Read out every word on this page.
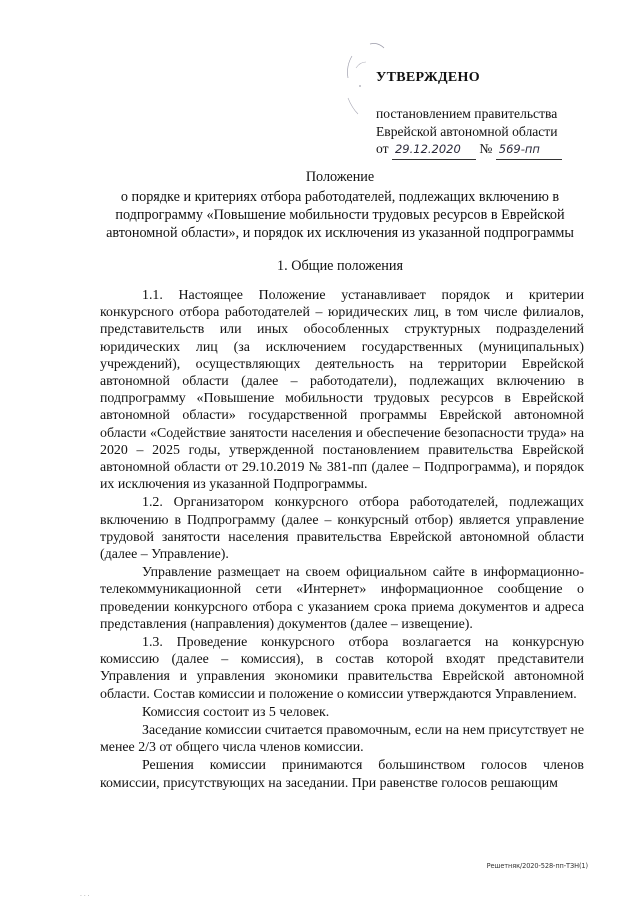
УТВЕРЖДЕНО
постановлением правительства
Еврейской автономной области
от 29.12.2020 № 569-пп
Положение
о порядке и критериях отбора работодателей, подлежащих включению в
подпрограмму «Повышение мобильности трудовых ресурсов в Еврейской
автономной области», и порядок их исключения из указанной подпрограммы
1. Общие положения

1.1. Настоящее Положение устанавливает порядок и критерии конкурсного отбора работодателей – юридических лиц, в том числе филиалов, представительств или иных обособленных структурных подразделений юридических лиц (за исключением государственных (муниципальных) учреждений), осуществляющих деятельность на территории Еврейской автономной области (далее – работодатели), подлежащих включению в подпрограмму «Повышение мобильности трудовых ресурсов в Еврейской автономной области» государственной программы Еврейской автономной области «Содействие занятости населения и обеспечение безопасности труда» на 2020 – 2025 годы, утвержденной постановлением правительства Еврейской автономной области от 29.10.2019 № 381-пп (далее – Подпрограмма), и порядок их исключения из указанной Подпрограммы.

1.2. Организатором конкурсного отбора работодателей, подлежащих включению в Подпрограмму (далее – конкурсный отбор) является управление трудовой занятости населения правительства Еврейской автономной области (далее – Управление).

Управление размещает на своем официальном сайте в информационно-телекоммуникационной сети «Интернет» информационное сообщение о проведении конкурсного отбора с указанием срока приема документов и адреса представления (направления) документов (далее – извещение).

1.3. Проведение конкурсного отбора возлагается на конкурсную комиссию (далее – комиссия), в состав которой входят представители Управления и управления экономики правительства Еврейской автономной области. Состав комиссии и положение о комиссии утверждаются Управлением.

Комиссия состоит из 5 человек.

Заседание комиссии считается правомочным, если на нем присутствует не менее 2/3 от общего числа членов комиссии.

Решения комиссии принимаются большинством голосов членов комиссии, присутствующих на заседании. При равенстве голосов решающим

Решетняк/2020-528-пп-ТЗН(1)
· · ·
